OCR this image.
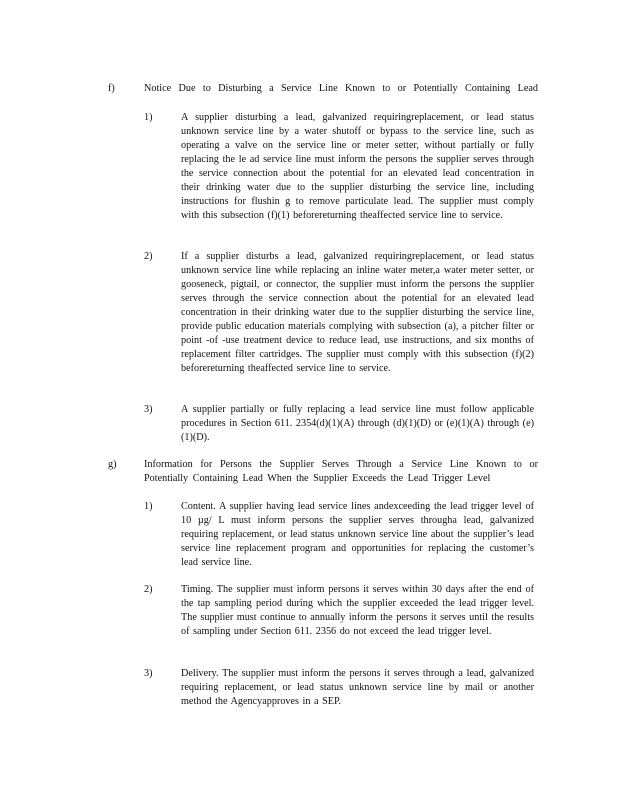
f)	Notice Due to Disturbing a Service Line Known to or Potentially Containing Lead
1)	A supplier disturbing a lead, galvanized requiringreplacement, or lead status unknown service line by a water shutoff or bypass to the service line, such as operating a valve on the service line or meter setter, without partially or fully replacing the le ad service line must inform the persons the supplier serves through the service connection about the potential for an elevated lead concentration in their drinking water due to the supplier disturbing the service line, including instructions for flushin g to remove particulate lead. The supplier must comply with this subsection (f)(1) beforereturning theaffected service line to service.
2)	If a supplier disturbs a lead, galvanized requiringreplacement, or lead status unknown service line while replacing an inline water meter,a water meter setter, or gooseneck, pigtail, or connector, the supplier must inform the persons the supplier serves through the service connection about the potential for an elevated lead concentration in their drinking water due to the supplier disturbing the service line, provide public education materials complying with subsection (a), a pitcher filter or point -of -use treatment device to reduce lead, use instructions, and six months of replacement filter cartridges. The supplier must comply with this subsection (f)(2) beforereturning theaffected service line to service.
3)	A supplier partially or fully replacing a lead service line must follow applicable procedures in Section 611. 2354(d)(1)(A) through (d)(1)(D) or (e)(1)(A) through (e)(1)(D).
g)	Information for Persons the Supplier Serves Through a Service Line Known to or Potentially Containing Lead When the Supplier Exceeds the Lead Trigger Level
1)	Content. A supplier having lead service lines andexceeding the lead trigger level of 10 µg/ L must inform persons the supplier serves througha lead, galvanized requiring replacement, or lead status unknown service line about the supplier’s lead service line replacement program and opportunities for replacing the customer’s lead service line.
2)	Timing. The supplier must inform persons it serves within 30 days after the end of the tap sampling period during which the supplier exceeded the lead trigger level. The supplier must continue to annually inform the persons it serves until the results of sampling under Section 611. 2356 do not exceed the lead trigger level.
3)	Delivery. The supplier must inform the persons it serves through a lead, galvanized requiring replacement, or lead status unknown service line by mail or another method the Agencyapproves in a SEP.
